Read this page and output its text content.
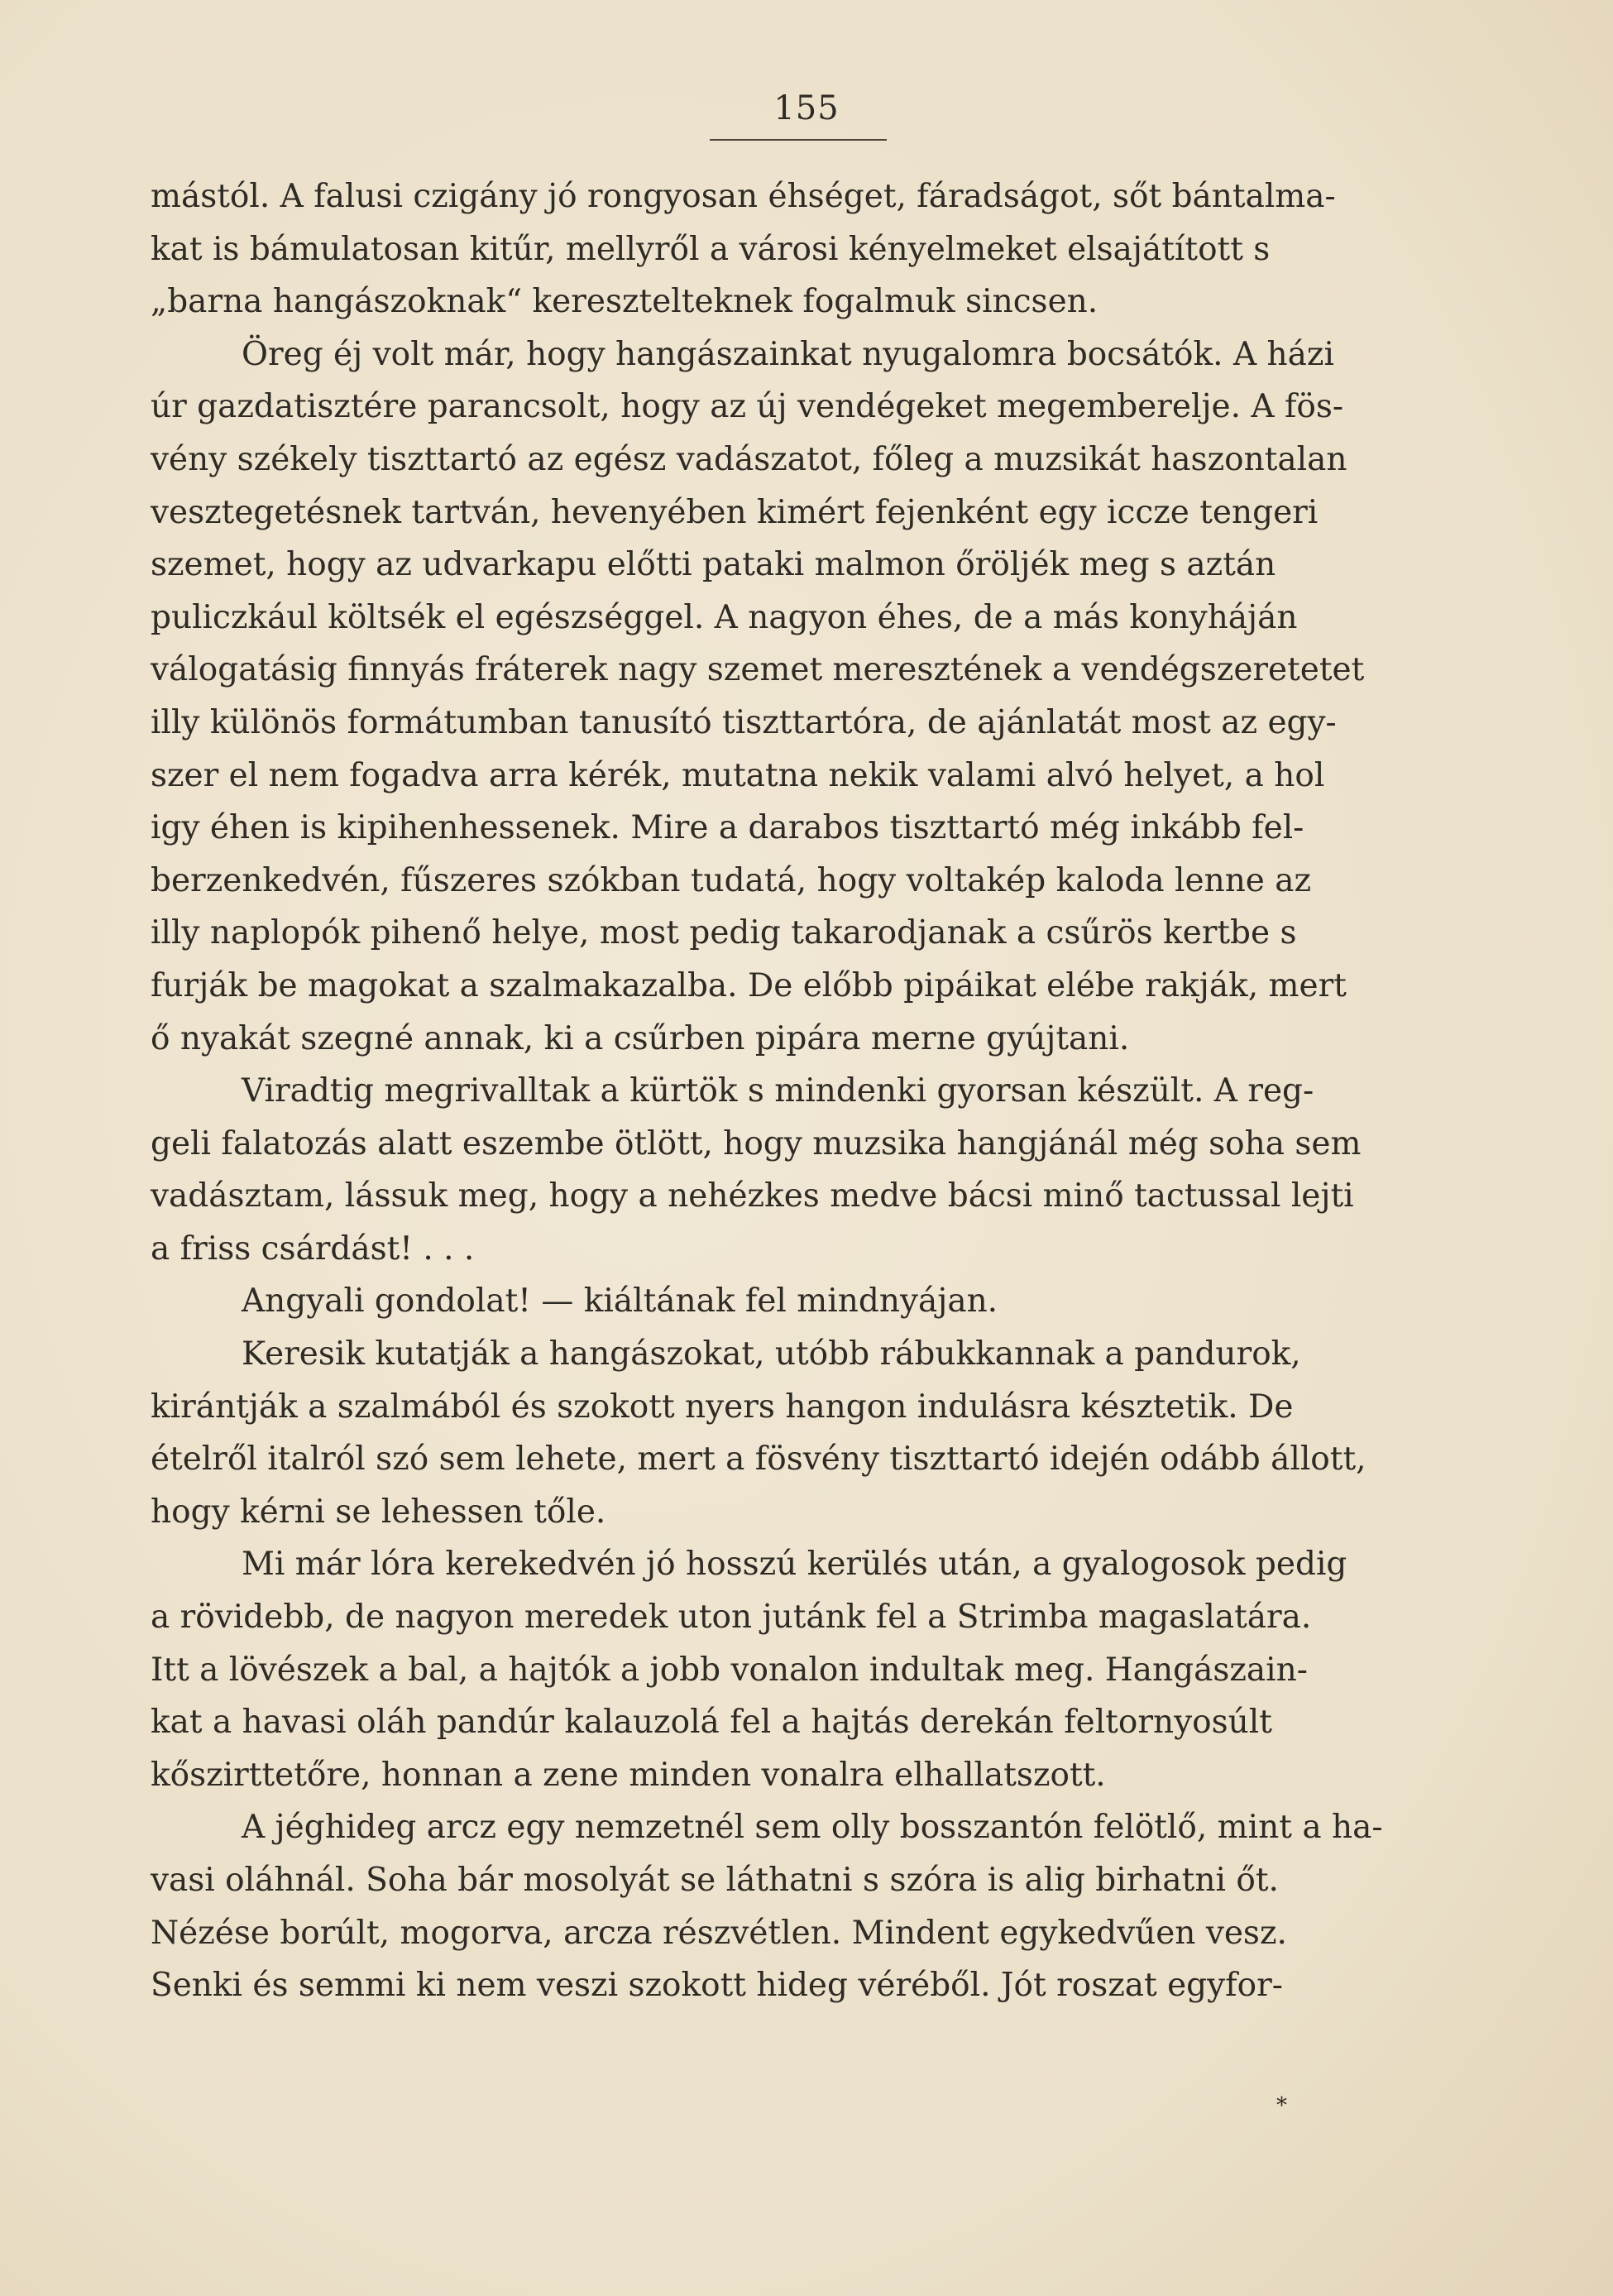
155

mástól. A falusi czigány jó rongyosan éhséget, fáradságot, sőt bántalma-
kat is bámulatosan kitűr, mellyről a városi kényelmeket elsajátított s
„barna hangászoknak“ keresztelteknek fogalmuk sincsen.

Öreg éj volt már, hogy hangászainkat nyugalomra bocsátók. A házi
úr gazdatisztére parancsolt, hogy az új vendégeket megemberelje. A fös-
vény székely tiszttartó az egész vadászatot, főleg a muzsikát haszontalan
vesztegetésnek tartván, hevenyében kimért fejenként egy iccze tengeri
szemet, hogy az udvarkapu előtti pataki malmon őröljék meg s aztán
puliczkául költsék el egészséggel. A nagyon éhes, de a más konyháján
válogatásig finnyás fráterek nagy szemet meresztének a vendégszeretetet
illy különös formátumban tanusító tiszttartóra, de ajánlatát most az egy-
szer el nem fogadva arra kérék, mutatna nekik valami alvó helyet, a hol
igy éhen is kipihenhessenek. Mire a darabos tiszttartó még inkább fel-
berzenkedvén, fűszeres szókban tudatá, hogy voltakép kaloda lenne az
illy naplopók pihenő helye, most pedig takarodjanak a csűrös kertbe s
furják be magokat a szalmakazalba. De előbb pipáikat elébe rakják, mert
ő nyakát szegné annak, ki a csűrben pipára merne gyújtani.

Viradtig megrivalltak a kürtök s mindenki gyorsan készült. A reg-
geli falatozás alatt eszembe ötlött, hogy muzsika hangjánál még soha sem
vadásztam, lássuk meg, hogy a nehézkes medve bácsi minő tactussal lejti
a friss csárdást! . . .

Angyali gondolat! — kiáltának fel mindnyájan.

Keresik kutatják a hangászokat, utóbb rábukkannak a pandurok,
kirántják a szalmából és szokott nyers hangon indulásra késztetik. De
ételről italról szó sem lehete, mert a fösvény tiszttartó idején odább állott,
hogy kérni se lehessen tőle.

Mi már lóra kerekedvén jó hosszú kerülés után, a gyalogosok pedig
a rövidebb, de nagyon meredek uton jutánk fel a Strimba magaslatára.
Itt a lövészek a bal, a hajtók a jobb vonalon indultak meg. Hangászain-
kat a havasi oláh pandúr kalauzolá fel a hajtás derekán feltornyosúlt
kőszirttetőre, honnan a zene minden vonalra elhallatszott.

A jéghideg arcz egy nemzetnél sem olly bosszantón felötlő, mint a ha-
vasi oláhnál. Soha bár mosolyát se láthatni s szóra is alig birhatni őt.
Nézése borúlt, mogorva, arcza részvétlen. Mindent egykedvűen vesz.
Senki és semmi ki nem veszi szokott hideg véréből. Jót roszat egyfor-

*
